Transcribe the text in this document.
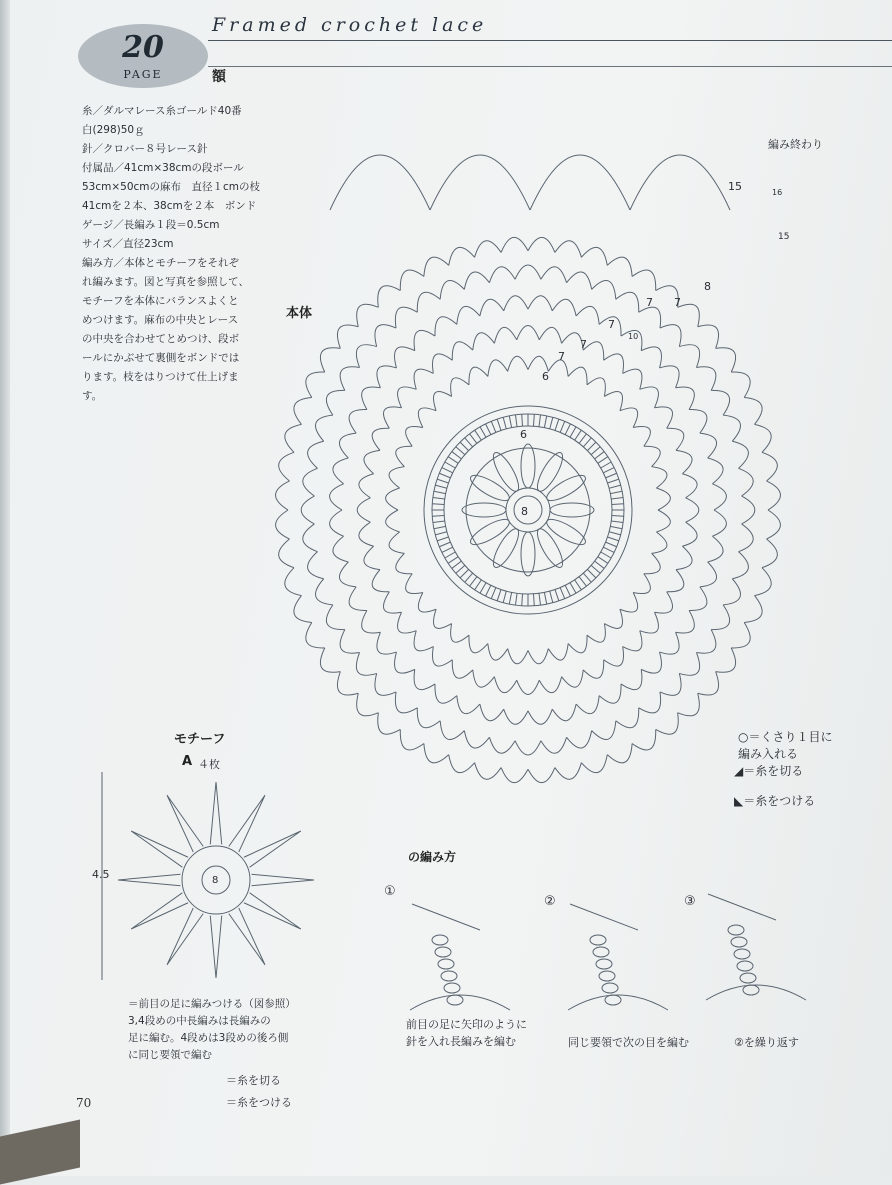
20
PAGE
Framed crochet lace
額

糸／ダルマレース糸ゴールド40番

白(298)50ｇ

針／クロバー８号レース針

付属品／41cm×38cmの段ボール

53cm×50cmの麻布　直径１cmの枝

41cmを２本、38cmを２本　ボンド

ゲージ／長編み１段＝0.5cm

サイズ／直径23cm

編み方／本体とモチーフをそれぞ

れ編みます。図と写真を参照して、

モチーフを本体にバランスよくと

めつけます。麻布の中央とレース

の中央を合わせてとめつけ、段ボ

ールにかぶせて裏側をボンドでは

ります。枝をはりつけて仕上げま

す。

本体
編み終わり
15	16
15
8
7
7
7
10
7
7
6
6
8

○＝くさり１目に
編み入れる

◢＝糸を切る
◣＝糸をつける
モチーフ
A ４枚
4.5	8
＝前目の足に編みつける（図参照）
3,4段めの中長編みは長編みの
足に編む。4段めは3段めの後ろ側
に同じ要領で編む
＝糸を切る
＝糸をつける
の編み方
①
②	③
前目の足に矢印のように
針を入れ長編みを編む	同じ要領で次の目を編む	②を繰り返す
70
